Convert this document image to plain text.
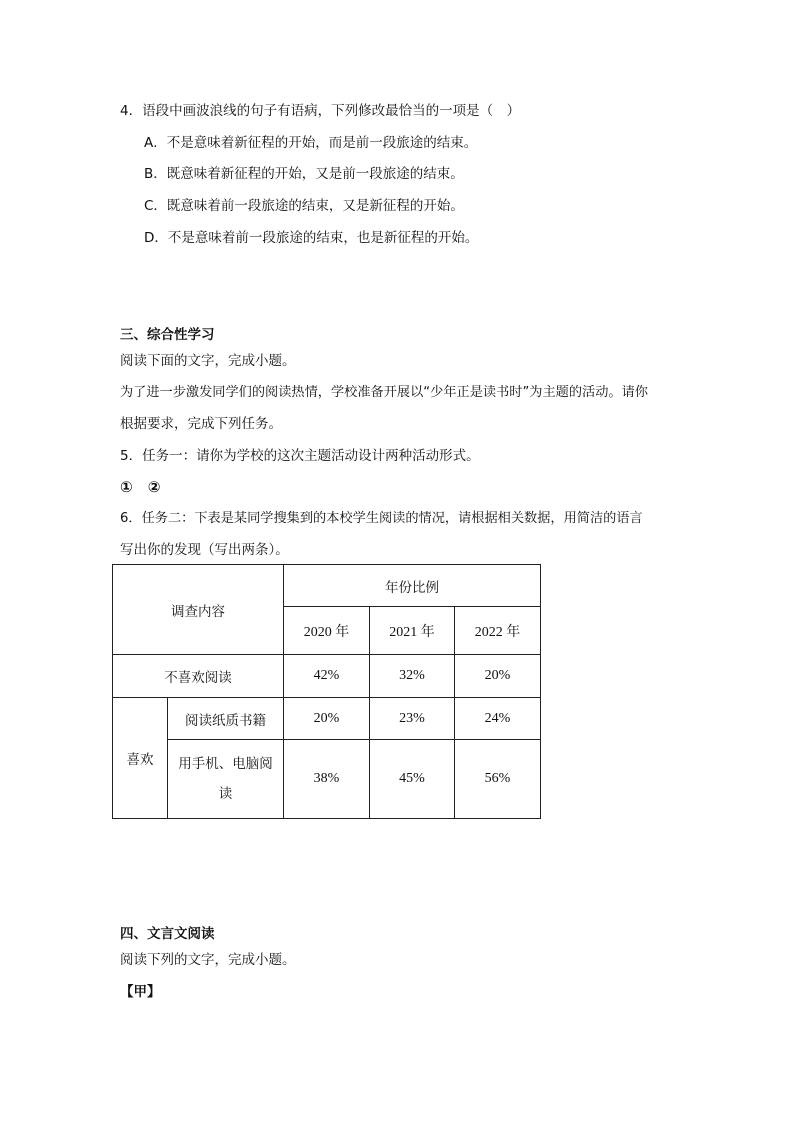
4．语段中画波浪线的句子有语病，下列修改最恰当的一项是（　）
A．不是意味着新征程的开始，而是前一段旅途的结束。
B．既意味着新征程的开始，又是前一段旅途的结束。
C．既意味着前一段旅途的结束，又是新征程的开始。
D．不是意味着前一段旅途的结束，也是新征程的开始。
三、综合性学习
阅读下面的文字，完成小题。
为了进一步激发同学们的阅读热情，学校准备开展以“少年正是读书时”为主题的活动。请你
根据要求，完成下列任务。
5．任务一：请你为学校的这次主题活动设计两种活动形式。
①　②
6．任务二：下表是某同学搜集到的本校学生阅读的情况，请根据相关数据，用简洁的语言
写出你的发现（写出两条）。
调查内容		年份比例		
		2020 年	2021 年	2022 年
不喜欢阅读		42%	32%	20%
喜欢	阅读纸质书籍	20%	23%	24%

	用手机、电脑阅
读	38%	45%	56%
四、文言文阅读
阅读下列的文字，完成小题。
【甲】
